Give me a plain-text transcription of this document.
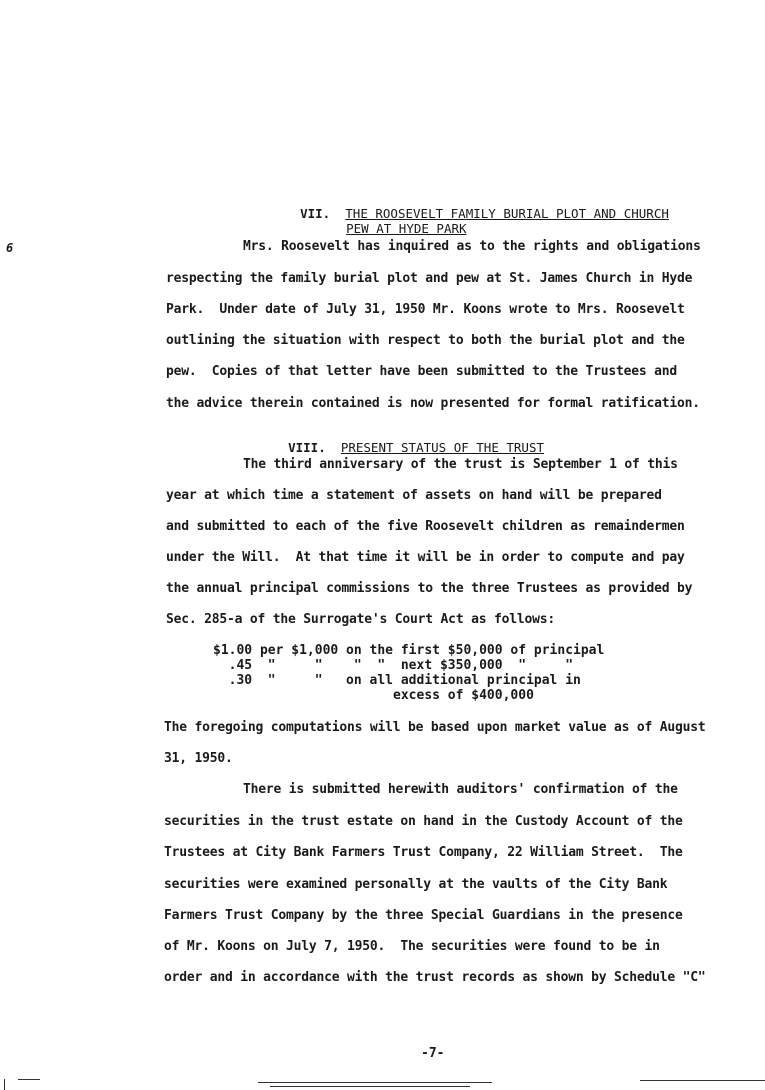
6

VII. THE ROOSEVELT FAMILY BURIAL PLOT AND CHURCH

PEW AT HYDE PARK

Mrs. Roosevelt has inquired as to the rights and obligations
respecting the family burial plot and pew at St. James Church in Hyde
Park.  Under date of July 31, 1950 Mr. Koons wrote to Mrs. Roosevelt
outlining the situation with respect to both the burial plot and the
pew.  Copies of that letter have been submitted to the Trustees and
the advice therein contained is now presented for formal ratification.

VIII. PRESENT STATUS OF THE TRUST

The third anniversary of the trust is September 1 of this
year at which time a statement of assets on hand will be prepared
and submitted to each of the five Roosevelt children as remaindermen
under the Will.  At that time it will be in order to compute and pay
the annual principal commissions to the three Trustees as provided by
Sec. 285-a of the Surrogate's Court Act as follows:
$1.00 per $1,000 on the first $50,000 of principal
.45  "     "    "  "  next $350,000  "     "
.30  "     "   on all additional principal in
excess of $400,000
The foregoing computations will be based upon market value as of August
31, 1950.
There is submitted herewith auditors' confirmation of the
securities in the trust estate on hand in the Custody Account of the
Trustees at City Bank Farmers Trust Company, 22 William Street.  The
securities were examined personally at the vaults of the City Bank
Farmers Trust Company by the three Special Guardians in the presence
of Mr. Koons on July 7, 1950.  The securities were found to be in
order and in accordance with the trust records as shown by Schedule "C"
-7-
